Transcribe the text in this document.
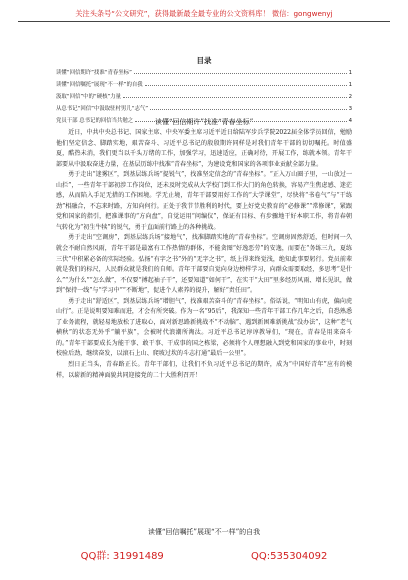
关注头条号“公文研究”，获得最新最全最专业的公文资料库！ 微信：gongwenyj
目录
读懂“回信期许”找准“青春坐标”	1
读懂“回信嘱托”展现“不一样”的自我	1
汲取“回信”中的“硬核”力量	2
从总书记“回信”中汲取驻村男儿“志气”	3
党员干部 总书记的回信当共勉之	4
读懂“回信期许”找准“青春坐标”

近日，中共中央总书记、国家主席、中央军委主席习近平近日给陆军步兵学院2022届全体学员回信，勉励他们坚定信念、脚踏实地，艰苦奋斗、习近平总书记的殷殷期许同样是对我们青年干部的切切嘱托。时值盛夏，酷热未消，我们更当以千头万绪的工作，加强学习，迅速适应，正确对待，开展工作，练就本领。青年干部要从中汲取奋进力量，在基层历练中找准“青春坐标”，为建设党和国家的各项事业贡献全部力量。

勇于走出“迷雾区”，到基层练兵场“提锐气”，找准坚定信念的“青春坐标”。“正入万山圈子里，一山放过一山拦”，一些青年干部初涉工作岗位，还未及时完成从大学校门到工作大门的角色转换，容易产生焦虑感、迷茫感，从而陷入手足无措的工作困境。学无止境，青年干部要用好工作的“大学课堂”，尽快将“书卷气”与“干练劲”相融合，不忘来时路，方知向何行。正处于我节节胜利的时代，要上好党史教育的“必修课”“常修课”，紧跟党和国家的指引，把准课事的“方向盘”，自觉运用“问编仪”，保证有目标、有步骤地干好本职工作，将青春朝气转化为“初生牛犊”的锐气，勇于直面前行路上的各种挑战。

勇于走出“空调房”，到基层练兵场“接地气”，找准脚踏实地的“青春坐标”。空调房固然舒适，但时间一久就会不耐自然风雨，青年干部是最富有工作热情的群体，不能贪图“好逸恶劳”的安逸，而要在“务练三九，夏练三伏”中积累必备的实际经验。弘扬“有字之书”外的“无字之书”，纸上得来终觉浅，绝知此事要躬行。党员前辈就是我们的标尺，人民群众就是我们的自师。青年干部要自觉向身边榜样学习，向群众需要取经，多思考“是什么”“为什么”“怎么做”，不仅要“搏起袖子干”，还要知道“如何干”，在实干“大田”里多经历风雨、增长见识，做到“保持一线”与“学习中”“不断地”，促进个人素养的提升，解好“责任田”。

勇于走出“舒适区”，到基层练兵场“增胆气”，找准艰苦奋斗的“青春坐标”。俗话说，“明知山有虎，偏向虎山行”。正是说明要知难而进，才会有所突破。作为一名“95后”，我深知一些青年干部工作几年之后，自恐熟悉了业务流程，就轻易地放松了进取心，面对新思路新挑战不“不动脑”、遇到新困难新挑战“没办法”，这种“老气横秋”的状态无外乎“躺平族”，会被时代浪潮所淘汰。习近平总书记谆谆教导们，“现在，青春是用来奋斗的。”青年干部要成长为能干事、敢干事、干成事的国之栋梁，必须将个人理想融入到党和国家的事业中，时刻校验后劲，继续奋发，以滚石上山、爬坡过坎的斗志打通“最后一公里”。

烈日正当头，青春路正长。青年干部们，让我们不负习近平总书记的期许，成为“中国好青年”应有的模样，以崭新的精神面貌共同迎接党的二十大胜利召开！

读懂“回信嘱托”展现“不一样”的自我
QQ群: 31991489	QQ:535304092
